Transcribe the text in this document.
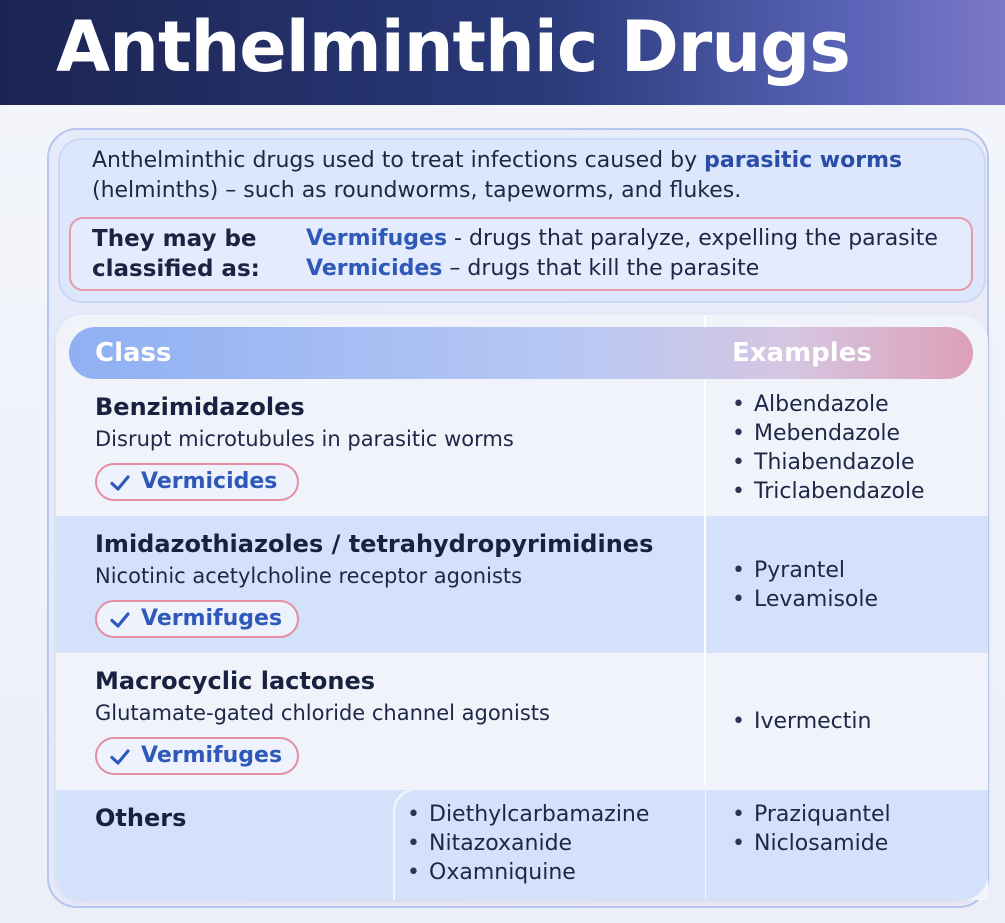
Anthelminthic Drugs
Anthelminthic drugs used to treat infections caused by parasitic worms (helminths) – such as roundworms, tapeworms, and flukes.
They may be classified as:
Vermifuges - drugs that paralyze, expelling the parasite
Vermicides – drugs that kill the parasite
Class	Examples
Benzimidazoles
Disrupt microtubules in parasitic worms
Vermicides
• Albendazole
• Mebendazole
• Thiabendazole
• Triclabendazole
Imidazothiazoles / tetrahydropyrimidines
Nicotinic acetylcholine receptor agonists
Vermifuges
• Pyrantel
• Levamisole
Macrocyclic lactones
Glutamate-gated chloride channel agonists
Vermifuges
• Ivermectin
Others
•	Diethylcarbamazine
• Nitazoxanide
• Oxamniquine
• Praziquantel
• Niclosamide
